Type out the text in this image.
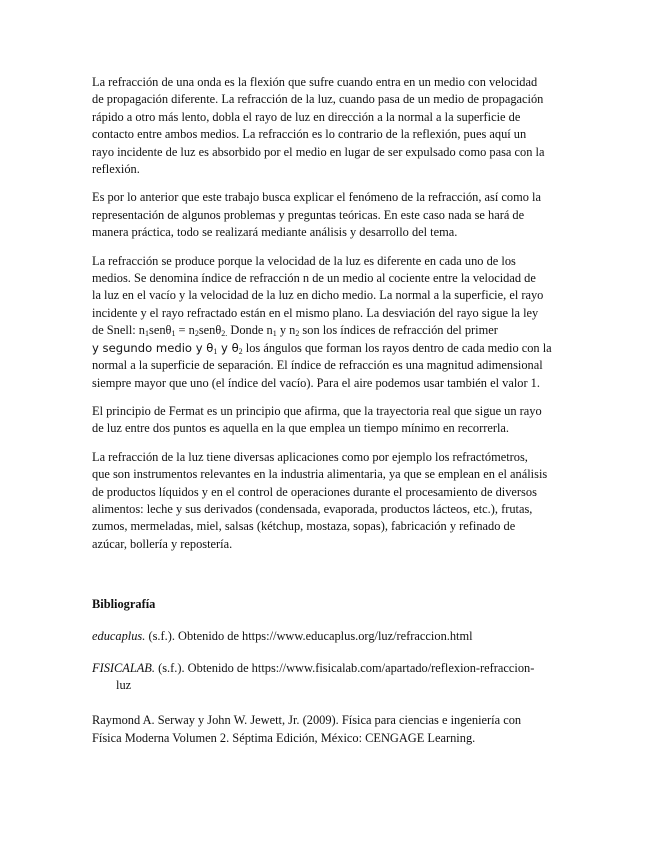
La refracción de una onda es la flexión que sufre cuando entra en un medio con velocidad
de propagación diferente. La refracción de la luz, cuando pasa de un medio de propagación
rápido a otro más lento, dobla el rayo de luz en dirección a la normal a la superficie de
contacto entre ambos medios. La refracción es lo contrario de la reflexión, pues aquí un
rayo incidente de luz es absorbido por el medio en lugar de ser expulsado como pasa con la
reflexión.

Es por lo anterior que este trabajo busca explicar el fenómeno de la refracción, así como la
representación de algunos problemas y preguntas teóricas. En este caso nada se hará de
manera práctica, todo se realizará mediante análisis y desarrollo del tema.

La refracción se produce porque la velocidad de la luz es diferente en cada uno de los
medios. Se denomina índice de refracción n de un medio al cociente entre la velocidad de
la luz en el vacío y la velocidad de la luz en dicho medio. La normal a la superficie, el rayo
incidente y el rayo refractado están en el mismo plano. La desviación del rayo sigue la ley
de Snell: $n_1sen\theta_1 = n_2sen\theta_{2.}$ Donde $n_1$ y $n_2$ son los índices de refracción del primer
y segundo medio y $\theta_1$ y $\theta_2$ los ángulos que forman los rayos dentro de cada medio con la
normal a la superficie de separación. El índice de refracción es una magnitud adimensional
siempre mayor que uno (el índice del vacío). Para el aire podemos usar también el valor 1.

El principio de Fermat es un principio que afirma, que la trayectoria real que sigue un rayo
de luz entre dos puntos es aquella en la que emplea un tiempo mínimo en recorrerla.

La refracción de la luz tiene diversas aplicaciones como por ejemplo los refractómetros,
que son instrumentos relevantes en la industria alimentaria, ya que se emplean en el análisis
de productos líquidos y en el control de operaciones durante el procesamiento de diversos
alimentos: leche y sus derivados (condensada, evaporada, productos lácteos, etc.), frutas,
zumos, mermeladas, miel, salsas (kétchup, mostaza, sopas), fabricación y refinado de
azúcar, bollería y repostería.

Bibliografía

educaplus. (s.f.). Obtenido de https://www.educaplus.org/luz/refraccion.html

FISICALAB. (s.f.). Obtenido de https://www.fisicalab.com/apartado/reflexion-refraccion-
luz

Raymond A. Serway y John W. Jewett, Jr. (2009). Física para ciencias e ingeniería con
Física Moderna Volumen 2. Séptima Edición, México: CENGAGE Learning.
